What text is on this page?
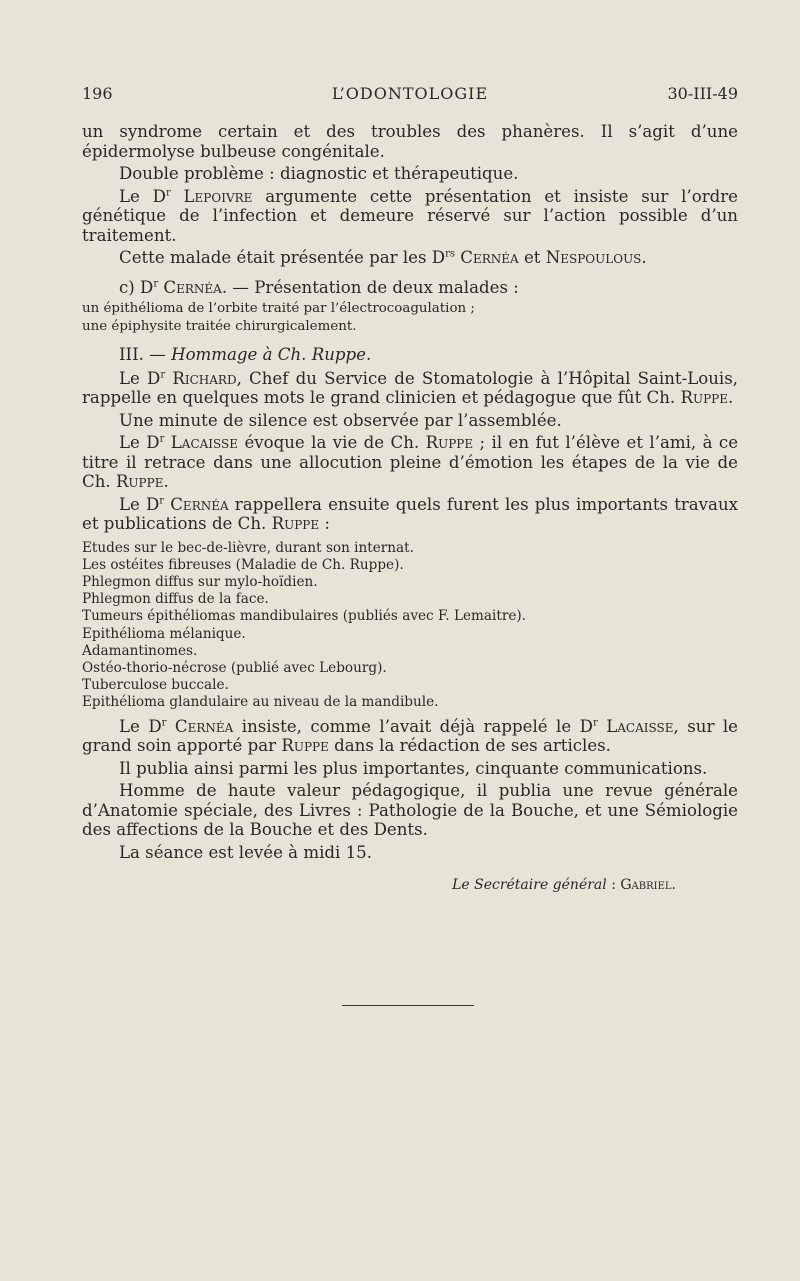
196	L’ODONTOLOGIE	30-III-49

un syndrome certain et des troubles des phanères. Il s’agit d’une épidermolyse bulbeuse congénitale.

Double problème : diagnostic et thérapeutique.

Le $D^r$ Lepoivre argumente cette présentation et insiste sur l’ordre génétique de l’infection et demeure réservé sur l’action possible d’un traitement.

Cette malade était présentée par les $D^{rs}$ Cernéa et Nespoulous.

c) $D^r$ Cernéa. — Présentation de deux malades :

un épithélioma de l’orbite traité par l’électrocoagulation ;
une épiphysite traitée chirurgicalement.

III. — Hommage à Ch. Ruppe.

Le $D^r$ Richard, Chef du Service de Stomatologie à l’Hôpital Saint-Louis, rappelle en quelques mots le grand clinicien et pédagogue que fût Ch. Ruppe.

Une minute de silence est observée par l’assemblée.

Le $D^r$ Lacaisse évoque la vie de Ch. Ruppe ; il en fut l’élève et l’ami, à ce titre il retrace dans une allocution pleine d’émotion les étapes de la vie de Ch. Ruppe.

Le $D^r$ Cernéa rappellera ensuite quels furent les plus importants travaux et publications de Ch. Ruppe :

Etudes sur le bec-de-lièvre, durant son internat.
Les ostéites fibreuses (Maladie de Ch. Ruppe).
Phlegmon diffus sur mylo-hoïdien.
Phlegmon diffus de la face.
Tumeurs épithéliomas mandibulaires (publiés avec F. Lemaitre).
Epithélioma mélanique.
Adamantinomes.
Ostéo-thorio-nécrose (publié avec Lebourg).
Tuberculose buccale.
Epithélioma glandulaire au niveau de la mandibule.

Le $D^r$ Cernéa insiste, comme l’avait déjà rappelé le $D^r$ Lacaisse, sur le grand soin apporté par Ruppe dans la rédaction de ses articles.

Il publia ainsi parmi les plus importantes, cinquante communications.

Homme de haute valeur pédagogique, il publia une revue générale d’Anatomie spéciale, des Livres : Pathologie de la Bouche, et une Sémiologie des affections de la Bouche et des Dents.

La séance est levée à midi 15.

Le Secrétaire général : Gabriel.
